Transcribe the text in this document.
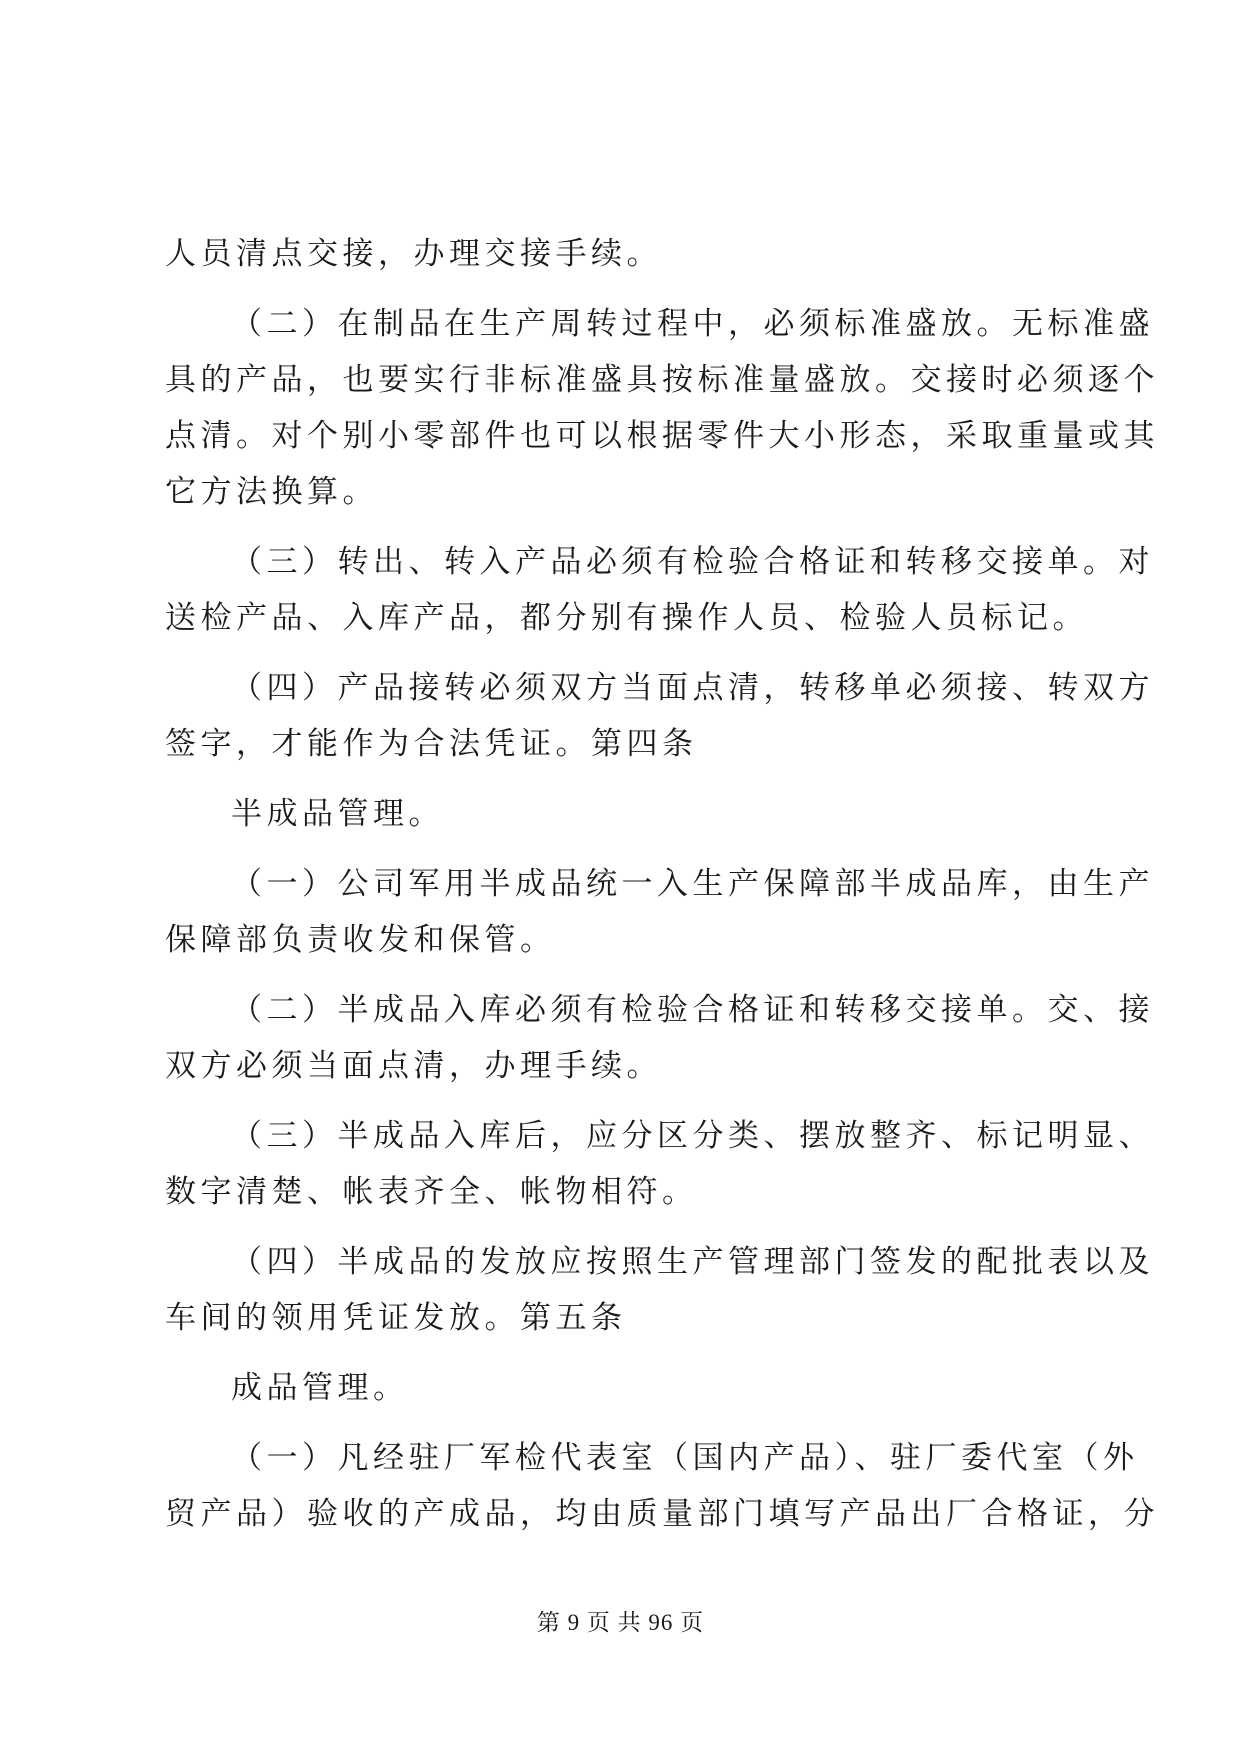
人员清点交接，办理交接手续。
（二）在制品在生产周转过程中，必须标准盛放。无标准盛
具的产品，也要实行非标准盛具按标准量盛放。交接时必须逐个
点清。对个别小零部件也可以根据零件大小形态，采取重量或其
它方法换算。
（三）转出、转入产品必须有检验合格证和转移交接单。对
送检产品、入库产品，都分别有操作人员、检验人员标记。
（四）产品接转必须双方当面点清，转移单必须接、转双方
签字，才能作为合法凭证。第四条
半成品管理。
（一）公司军用半成品统一入生产保障部半成品库，由生产
保障部负责收发和保管。
（二）半成品入库必须有检验合格证和转移交接单。交、接
双方必须当面点清，办理手续。
（三）半成品入库后，应分区分类、摆放整齐、标记明显、
数字清楚、帐表齐全、帐物相符。
（四）半成品的发放应按照生产管理部门签发的配批表以及
车间的领用凭证发放。第五条
成品管理。
（一）凡经驻厂军检代表室（国内产品）、驻厂委代室（外
贸产品）验收的产成品，均由质量部门填写产品出厂合格证，分
第 9 页 共 96 页
